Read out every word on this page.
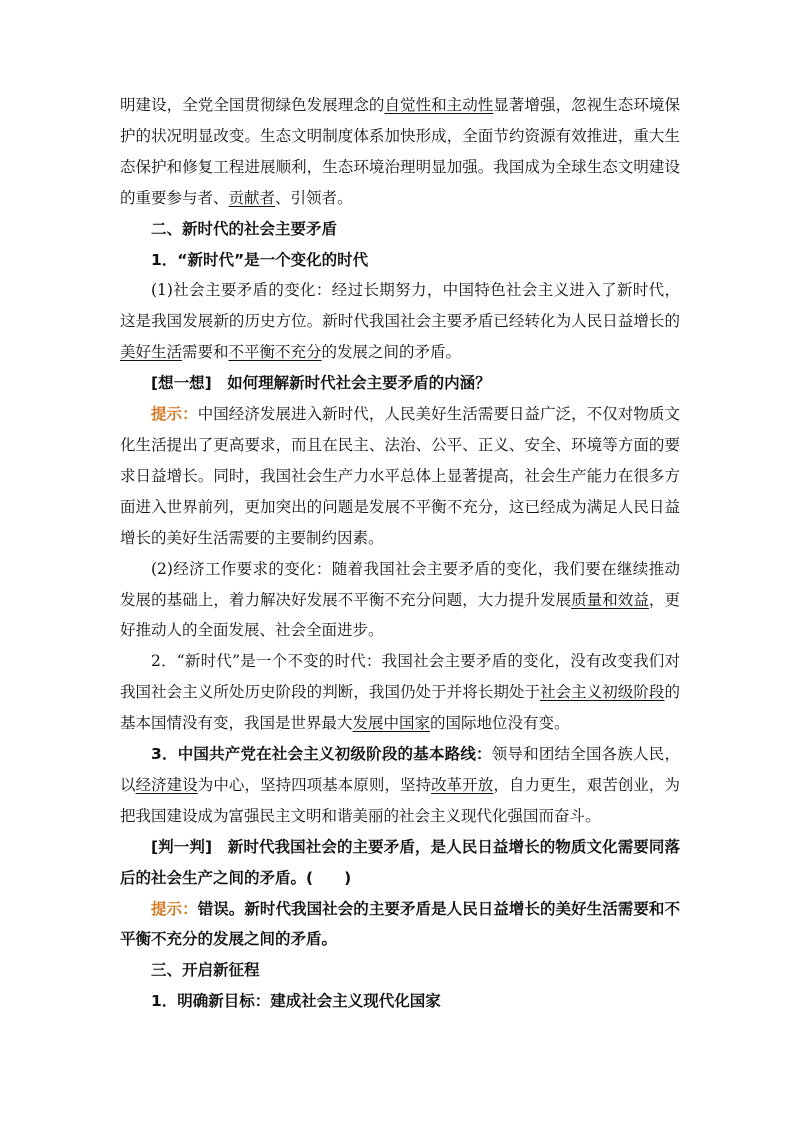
明建设，全党全国贯彻绿色发展理念的自觉性和主动性显著增强，忽视生态环境保护的状况明显改变。生态文明制度体系加快形成，全面节约资源有效推进，重大生态保护和修复工程进展顺利，生态环境治理明显加强。我国成为全球生态文明建设的重要参与者、贡献者、引领者。

二、新时代的社会主要矛盾

1．“新时代”是一个变化的时代

(1)社会主要矛盾的变化：经过长期努力，中国特色社会主义进入了新时代，这是我国发展新的历史方位。新时代我国社会主要矛盾已经转化为人民日益增长的美好生活需要和不平衡不充分的发展之间的矛盾。

[想一想]　如何理解新时代社会主要矛盾的内涵？

提示：中国经济发展进入新时代，人民美好生活需要日益广泛，不仅对物质文化生活提出了更高要求，而且在民主、法治、公平、正义、安全、环境等方面的要求日益增长。同时，我国社会生产力水平总体上显著提高，社会生产能力在很多方面进入世界前列，更加突出的问题是发展不平衡不充分，这已经成为满足人民日益增长的美好生活需要的主要制约因素。

(2)经济工作要求的变化：随着我国社会主要矛盾的变化，我们要在继续推动发展的基础上，着力解决好发展不平衡不充分问题，大力提升发展质量和效益，更好推动人的全面发展、社会全面进步。

2．“新时代”是一个不变的时代：我国社会主要矛盾的变化，没有改变我们对我国社会主义所处历史阶段的判断，我国仍处于并将长期处于社会主义初级阶段的基本国情没有变，我国是世界最大发展中国家的国际地位没有变。

3．中国共产党在社会主义初级阶段的基本路线：领导和团结全国各族人民，以经济建设为中心，坚持四项基本原则，坚持改革开放，自力更生，艰苦创业，为把我国建设成为富强民主文明和谐美丽的社会主义现代化强国而奋斗。

[判一判]　新时代我国社会的主要矛盾，是人民日益增长的物质文化需要同落后的社会生产之间的矛盾。(　　)

提示：错误。新时代我国社会的主要矛盾是人民日益增长的美好生活需要和不平衡不充分的发展之间的矛盾。

三、开启新征程

1．明确新目标：建成社会主义现代化国家
